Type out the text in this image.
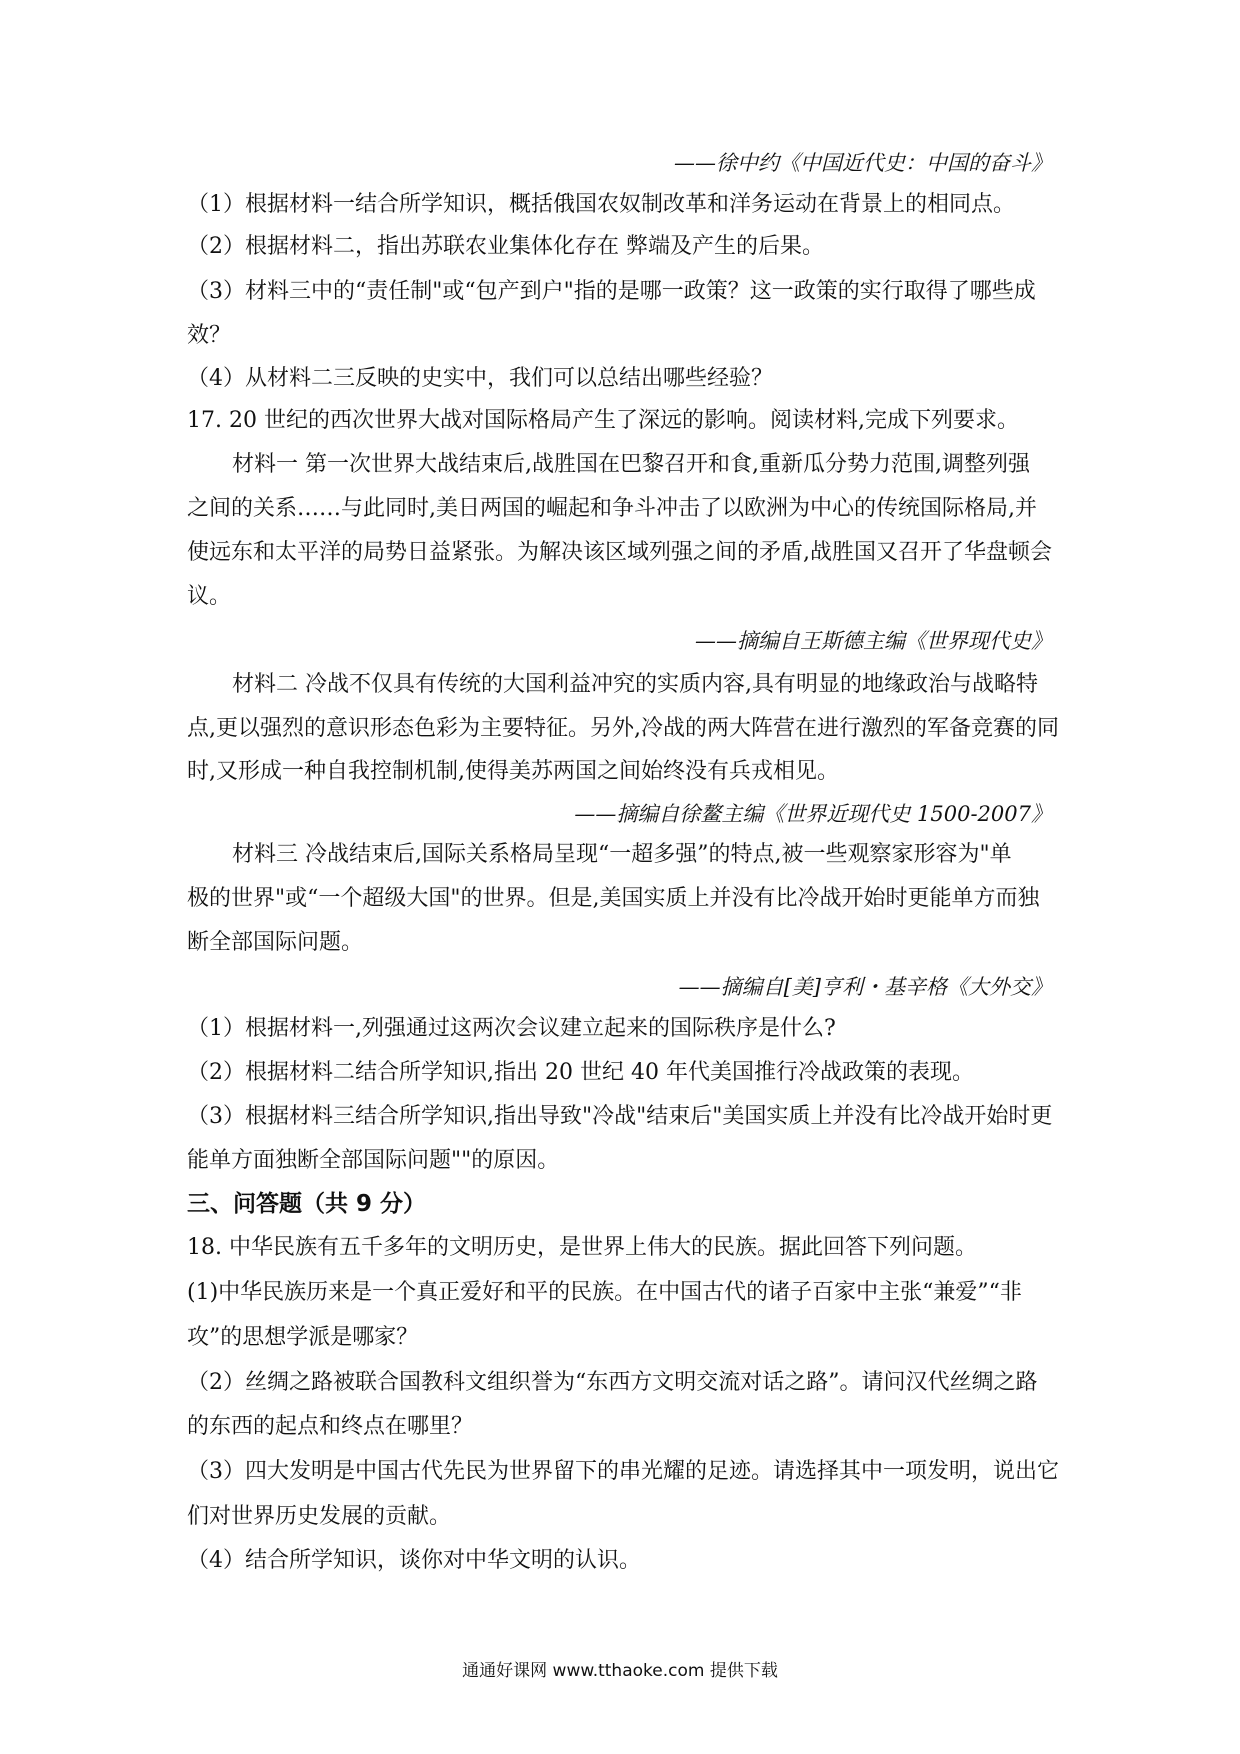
——徐中约《中国近代史：中国的奋斗》
（1）根据材料一结合所学知识，概括俄国农奴制改革和洋务运动在背景上的相同点。
（2）根据材料二，指出苏联农业集体化存在 弊端及产生的后果。
（3）材料三中的“责任制"或“包产到户"指的是哪一政策？这一政策的实行取得了哪些成
效？
（4）从材料二三反映的史实中，我们可以总结出哪些经验？
17. 20 世纪的西次世界大战对国际格局产生了深远的影响。阅读材料,完成下列要求。
材料一 第一次世界大战结束后,战胜国在巴黎召开和食,重新瓜分势力范围,调整列强
之间的关系……与此同时,美日两国的崛起和争斗冲击了以欧洲为中心的传统国际格局,并
使远东和太平洋的局势日益紧张。为解决该区域列强之间的矛盾,战胜国又召开了华盘顿会
议。
——摘编自王斯德主编《世界现代史》
材料二 冷战不仅具有传统的大国利益冲究的实质内容,具有明显的地缘政治与战略特
点,更以强烈的意识形态色彩为主要特征。另外,冷战的两大阵营在进行激烈的军备竞赛的同
时,又形成一种自我控制机制,使得美苏两国之间始终没有兵戎相见。
——摘编自徐鳌主编《世界近现代史 1500-2007》
材料三 冷战结束后,国际关系格局呈现“一超多强”的特点,被一些观察家形容为"单
极的世界"或“一个超级大国"的世界。但是,美国实质上并没有比冷战开始时更能单方而独
断全部国际问题。
——摘编自[美]亨利・基辛格《大外交》
（1）根据材料一,列强通过这两次会议建立起来的国际秩序是什么?
（2）根据材料二结合所学知识,指出 20 世纪 40 年代美国推行冷战政策的表现。
（3）根据材料三结合所学知识,指出导致"冷战"结束后"美国实质上并没有比冷战开始时更
能单方面独断全部国际问题""的原因。
三、问答题（共 9 分）
18. 中华民族有五千多年的文明历史，是世界上伟大的民族。据此回答下列问题。
(1)中华民族历来是一个真正爱好和平的民族。在中国古代的诸子百家中主张“兼爱”“非
攻”的思想学派是哪家？
（2）丝绸之路被联合国教科文组织誉为“东西方文明交流对话之路”。请问汉代丝绸之路
的东西的起点和终点在哪里？
（3）四大发明是中国古代先民为世界留下的串光耀的足迹。请选择其中一项发明，说出它
们对世界历史发展的贡献。
（4）结合所学知识，谈你对中华文明的认识。
通通好课网 www.tthaoke.com 提供下载
